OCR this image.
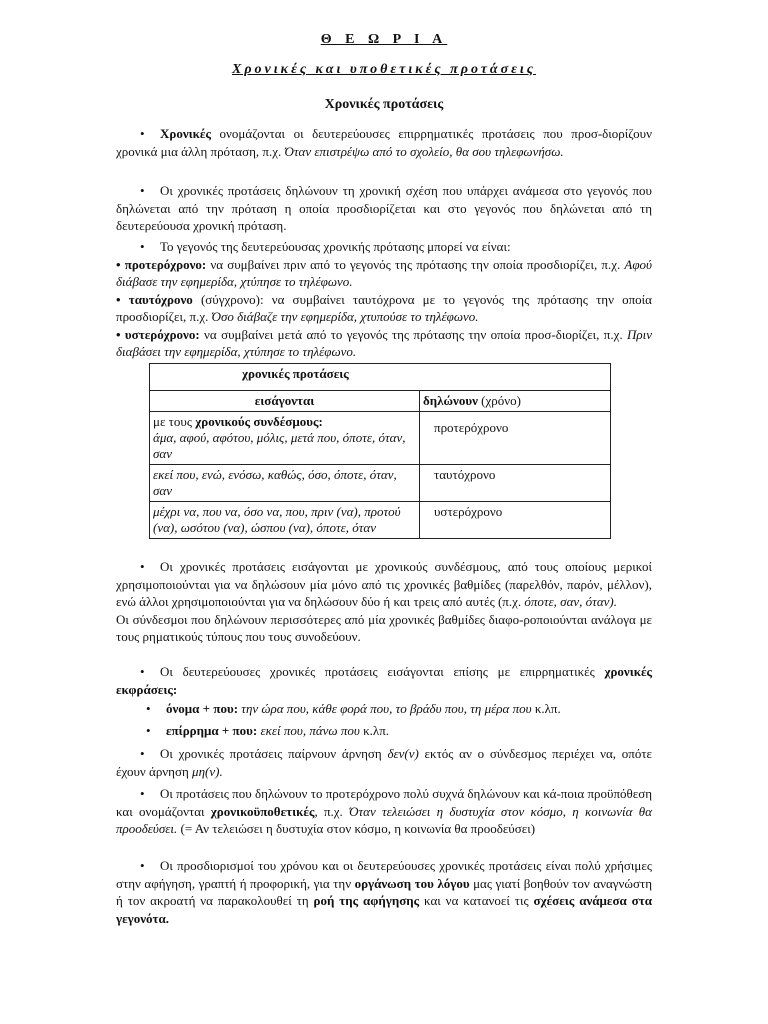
Θ Ε Ω Ρ Ι Α
Χρονικές και υποθετικές προτάσεις
Χρονικές προτάσεις
• Χρονικές ονομάζονται οι δευτερεύουσες επιρρηματικές προτάσεις που προσ-διορίζουν χρονικά μια άλλη πρόταση, π.χ. Όταν επιστρέψω από το σχολείο, θα σου τηλεφωνήσω.
• Οι χρονικές προτάσεις δηλώνουν τη χρονική σχέση που υπάρχει ανάμεσα στο γεγονός που δηλώνεται από την πρόταση η οποία προσδιορίζεται και στο γεγονός που δηλώνεται από τη δευτερεύουσα χρονική πρόταση.
• Το γεγονός της δευτερεύουσας χρονικής πρότασης μπορεί να είναι:
• προτερόχρονο: να συμβαίνει πριν από το γεγονός της πρότασης την οποία προσδιορίζει, π.χ. Αφού διάβασε την εφημερίδα, χτύπησε το τηλέφωνο.
• ταυτόχρονο (σύγχρονο): να συμβαίνει ταυτόχρονα με το γεγονός της πρότασης την οποία προσδιορίζει, π.χ. Όσο διάβαζε την εφημερίδα, χτυπούσε το τηλέφωνο.
• υστερόχρονο: να συμβαίνει μετά από το γεγονός της πρότασης την οποία προσ-διορίζει, π.χ. Πριν διαβάσει την εφημερίδα, χτύπησε το τηλέφωνο.
χρονικές προτάσεις	
εισάγονται	δηλώνουν (χρόνο)
με τους χρονικούς συνδέσμους:
άμα, αφού, αφότου, μόλις, μετά που, όποτε, όταν, σαν	προτερόχρονο
εκεί που, ενώ, ενόσω, καθώς, όσο, όποτε, όταν, σαν	ταυτόχρονο
μέχρι να, που να, όσο να, που, πριν (να), προτού (να), ωσότου (να), ώσπου (να), όποτε, όταν	υστερόχρονο
• Οι χρονικές προτάσεις εισάγονται με χρονικούς συνδέσμους, από τους οποίους μερικοί χρησιμοποιούνται για να δηλώσουν μία μόνο από τις χρονικές βαθμίδες (παρελθόν, παρόν, μέλλον), ενώ άλλοι χρησιμοποιούνται για να δηλώσουν δύο ή και τρεις από αυτές (π.χ. όποτε, σαν, όταν).
Οι σύνδεσμοι που δηλώνουν περισσότερες από μία χρονικές βαθμίδες διαφο-ροποιούνται ανάλογα με τους ρηματικούς τύπους που τους συνοδεύουν.
• Οι δευτερεύουσες χρονικές προτάσεις εισάγονται επίσης με επιρρηματικές χρονικές εκφράσεις:
• όνομα + που: την ώρα που, κάθε φορά που, το βράδυ που, τη μέρα που κ.λπ.
• επίρρημα + που: εκεί που, πάνω που κ.λπ.
• Οι χρονικές προτάσεις παίρνουν άρνηση δεν(ν) εκτός αν ο σύνδεσμος περιέχει να, οπότε έχουν άρνηση μη(ν).
• Οι προτάσεις που δηλώνουν το προτερόχρονο πολύ συχνά δηλώνουν και κά-ποια προϋπόθεση και ονομάζονται χρονικοϋποθετικές, π.χ. Όταν τελειώσει η δυστυχία στον κόσμο, η κοινωνία θα προοδεύσει. (= Αν τελειώσει η δυστυχία στον κόσμο, η κοινωνία θα προοδεύσει)
• Οι προσδιορισμοί του χρόνου και οι δευτερεύουσες χρονικές προτάσεις είναι πολύ χρήσιμες στην αφήγηση, γραπτή ή προφορική, για την οργάνωση του λόγου μας γιατί βοηθούν τον αναγνώστη ή τον ακροατή να παρακολουθεί τη ροή της αφήγησης και να κατανοεί τις σχέσεις ανάμεσα στα γεγονότα.
